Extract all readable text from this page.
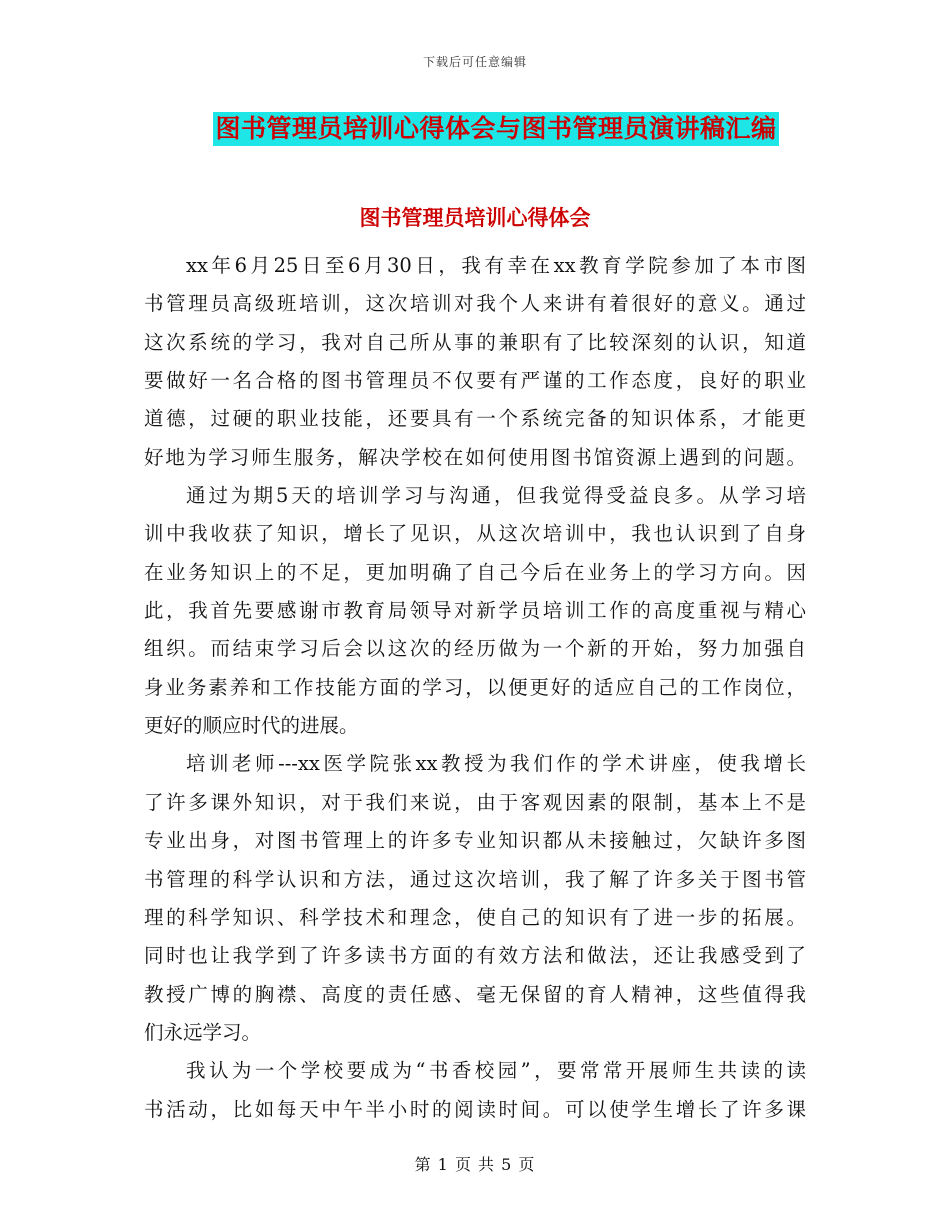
下载后可任意编辑
图书管理员培训心得体会与图书管理员演讲稿汇编
图书管理员培训心得体会
xx年6月25日至6月30日，我有幸在xx教育学院参加了本市图
书管理员高级班培训，这次培训对我个人来讲有着很好的意义。通过
这次系统的学习，我对自己所从事的兼职有了比较深刻的认识，知道
要做好一名合格的图书管理员不仅要有严谨的工作态度，良好的职业
道德，过硬的职业技能，还要具有一个系统完备的知识体系，才能更
好地为学习师生服务，解决学校在如何使用图书馆资源上遇到的问题。
通过为期5天的培训学习与沟通，但我觉得受益良多。从学习培
训中我收获了知识，增长了见识，从这次培训中，我也认识到了自身
在业务知识上的不足，更加明确了自己今后在业务上的学习方向。因
此，我首先要感谢市教育局领导对新学员培训工作的高度重视与精心
组织。而结束学习后会以这次的经历做为一个新的开始，努力加强自
身业务素养和工作技能方面的学习，以便更好的适应自己的工作岗位，
更好的顺应时代的进展。
培训老师---xx医学院张xx教授为我们作的学术讲座，使我增长
了许多课外知识，对于我们来说，由于客观因素的限制，基本上不是
专业出身，对图书管理上的许多专业知识都从未接触过，欠缺许多图
书管理的科学认识和方法，通过这次培训，我了解了许多关于图书管
理的科学知识、科学技术和理念，使自己的知识有了进一步的拓展。
同时也让我学到了许多读书方面的有效方法和做法，还让我感受到了
教授广博的胸襟、高度的责任感、毫无保留的育人精神，这些值得我
们永远学习。
我认为一个学校要成为“书香校园”，要常常开展师生共读的读
书活动，比如每天中午半小时的阅读时间。可以使学生增长了许多课
第 1 页 共 5 页
